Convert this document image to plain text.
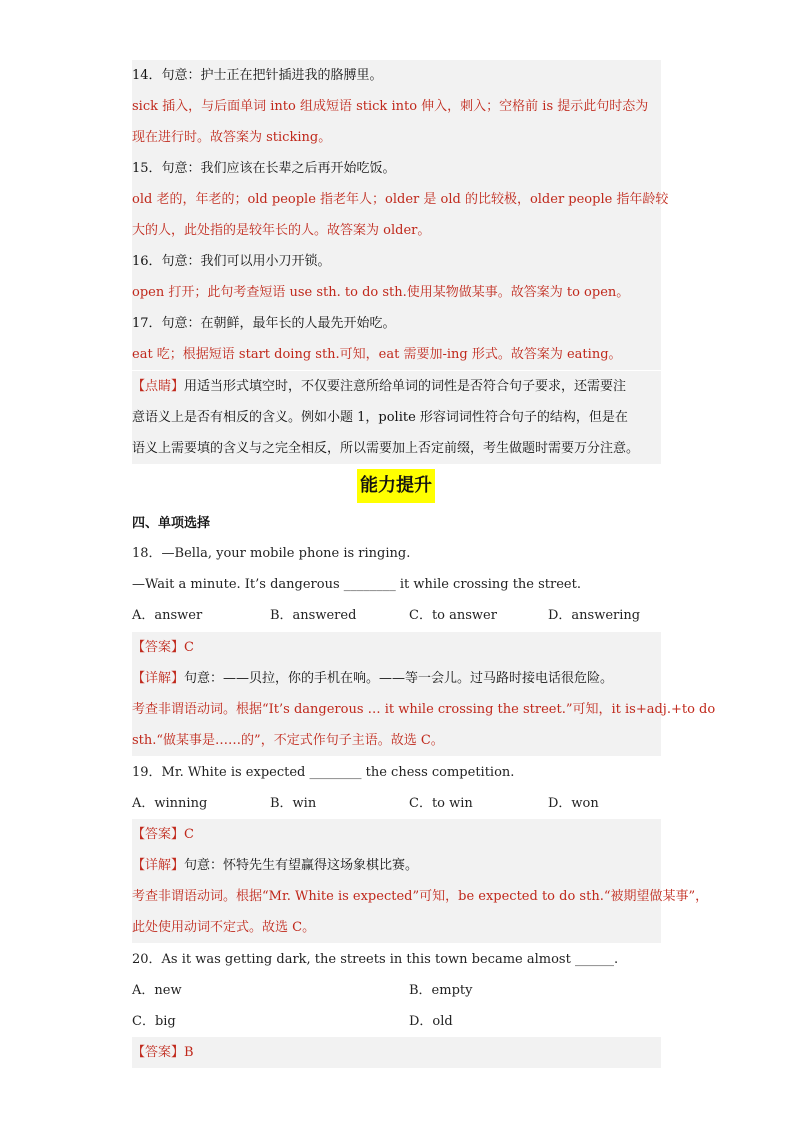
14．句意：护士正在把针插进我的胳膊里。
sick 插入，与后面单词 into 组成短语 stick into 伸入，刺入；空格前 is 提示此句时态为
现在进行时。故答案为 sticking。
15．句意：我们应该在长辈之后再开始吃饭。
old 老的，年老的；old people 指老年人；older 是 old 的比较极，older people 指年龄较
大的人，此处指的是较年长的人。故答案为 older。
16．句意：我们可以用小刀开锁。
open 打开；此句考查短语 use sth. to do sth.使用某物做某事。故答案为 to open。
17．句意：在朝鲜，最年长的人最先开始吃。
eat 吃；根据短语 start doing sth.可知，eat 需要加-ing 形式。故答案为 eating。
【点睛】用适当形式填空时，不仅要注意所给单词的词性是否符合句子要求，还需要注
意语义上是否有相反的含义。例如小题 1，polite 形容词词性符合句子的结构，但是在
语义上需要填的含义与之完全相反，所以需要加上否定前缀，考生做题时需要万分注意。
能力提升
四、单项选择
18．—Bella, your mobile phone is ringing.
—Wait a minute. It’s dangerous ________ it while crossing the street.
A．answer	B．answered	C．to answer	D．answering
【答案】C
【详解】句意：——贝拉，你的手机在响。——等一会儿。过马路时接电话很危险。
考查非谓语动词。根据“It’s dangerous … it while crossing the street.”可知，it is+adj.+to do
sth.“做某事是……的”，不定式作句子主语。故选 C。
19．Mr. White is expected ________ the chess competition.
A．winning	B．win	C．to win	D．won
【答案】C
【详解】句意：怀特先生有望赢得这场象棋比赛。
考查非谓语动词。根据“Mr. White is expected”可知，be expected to do sth.“被期望做某事”，
此处使用动词不定式。故选 C。
20．As it was getting dark, the streets in this town became almost ______.
A．new	B．empty
C．big	D．old
【答案】B
